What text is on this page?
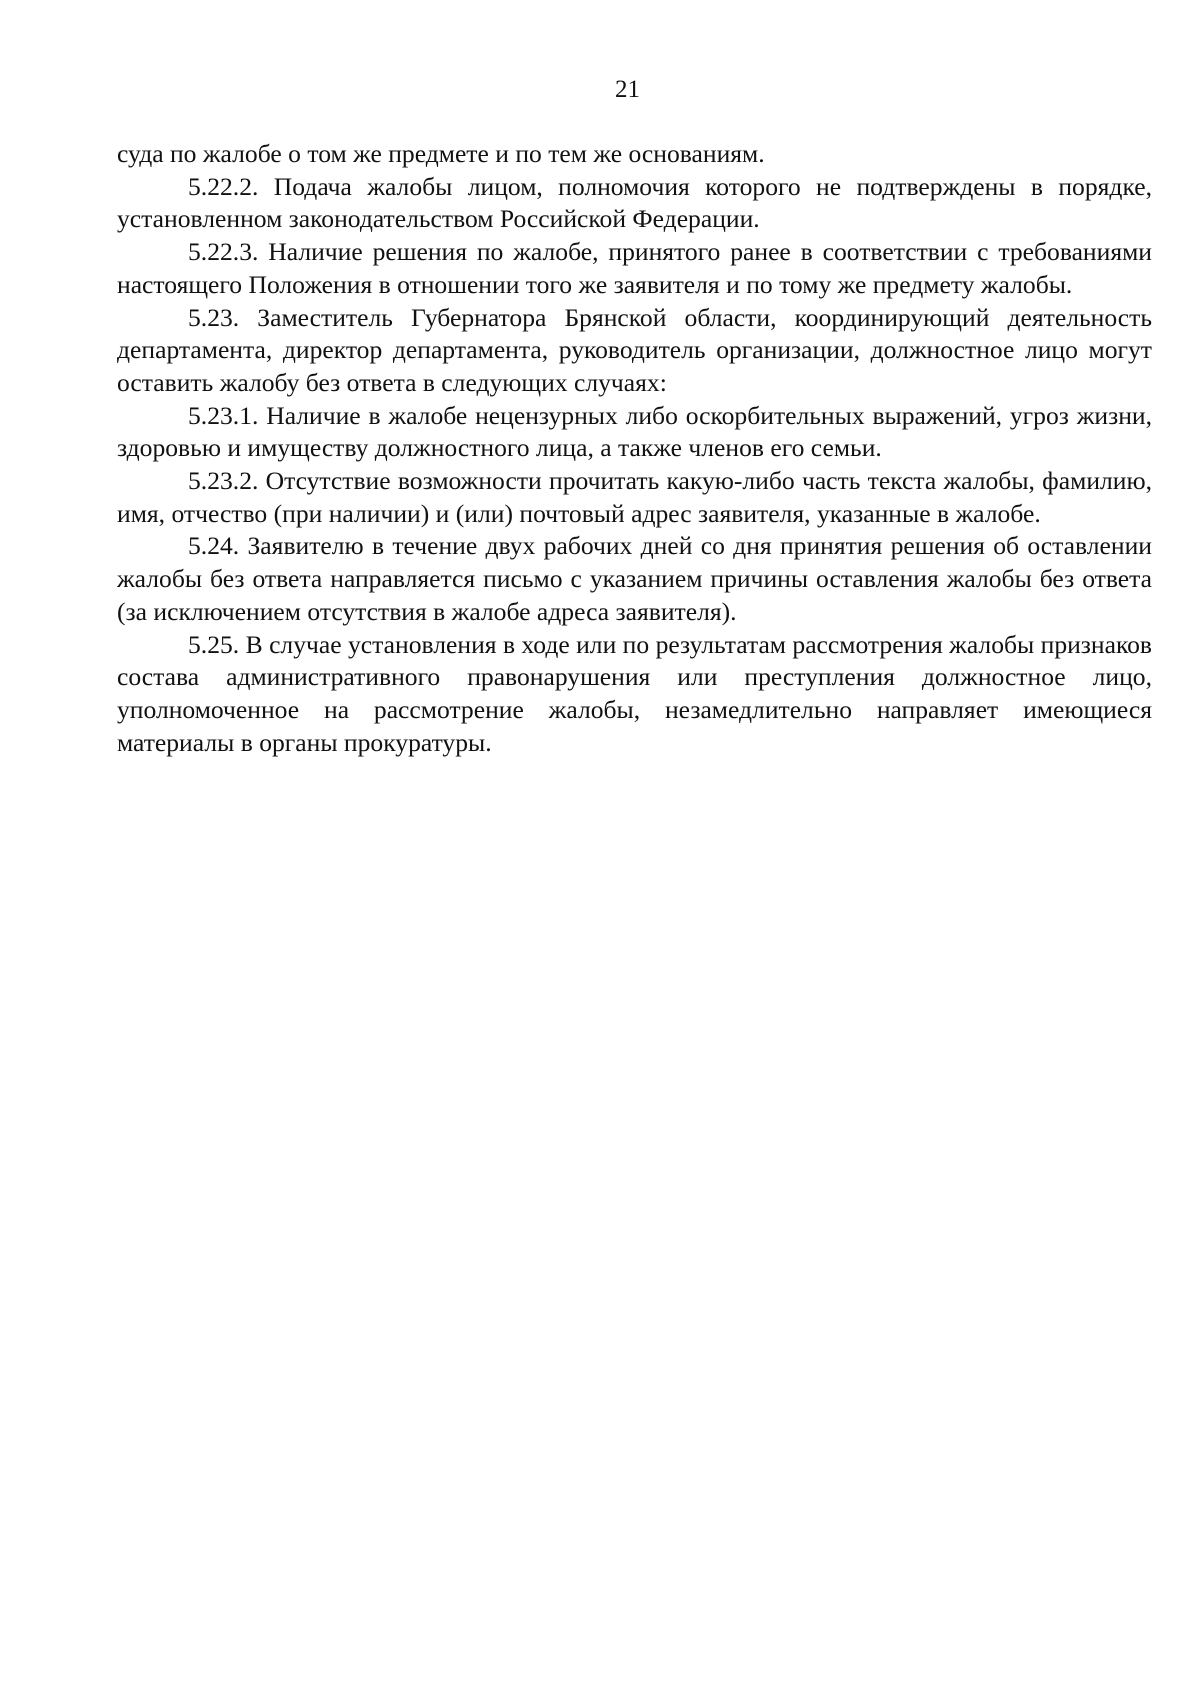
21

суда по жалобе о том же предмете и по тем же основаниям.

5.22.2. Подача жалобы лицом, полномочия которого не подтверждены в порядке, установленном законодательством Российской Федерации.

5.22.3. Наличие решения по жалобе, принятого ранее в соответствии с требованиями настоящего Положения в отношении того же заявителя и по тому же предмету жалобы.

5.23. Заместитель Губернатора Брянской области, координирующий деятельность департамента, директор департамента, руководитель организации, должностное лицо могут оставить жалобу без ответа в следующих случаях:

5.23.1. Наличие в жалобе нецензурных либо оскорбительных выражений, угроз жизни, здоровью и имуществу должностного лица, а также членов его семьи.

5.23.2. Отсутствие возможности прочитать какую-либо часть текста жалобы, фамилию, имя, отчество (при наличии) и (или) почтовый адрес заявителя, указанные в жалобе.

5.24. Заявителю в течение двух рабочих дней со дня принятия решения об оставлении жалобы без ответа направляется письмо с указанием причины оставления жалобы без ответа (за исключением отсутствия в жалобе адреса заявителя).

5.25. В случае установления в ходе или по результатам рассмотрения жалобы признаков состава административного правонарушения или преступления должностное лицо, уполномоченное на рассмотрение жалобы, незамедлительно направляет имеющиеся материалы в органы прокуратуры.
